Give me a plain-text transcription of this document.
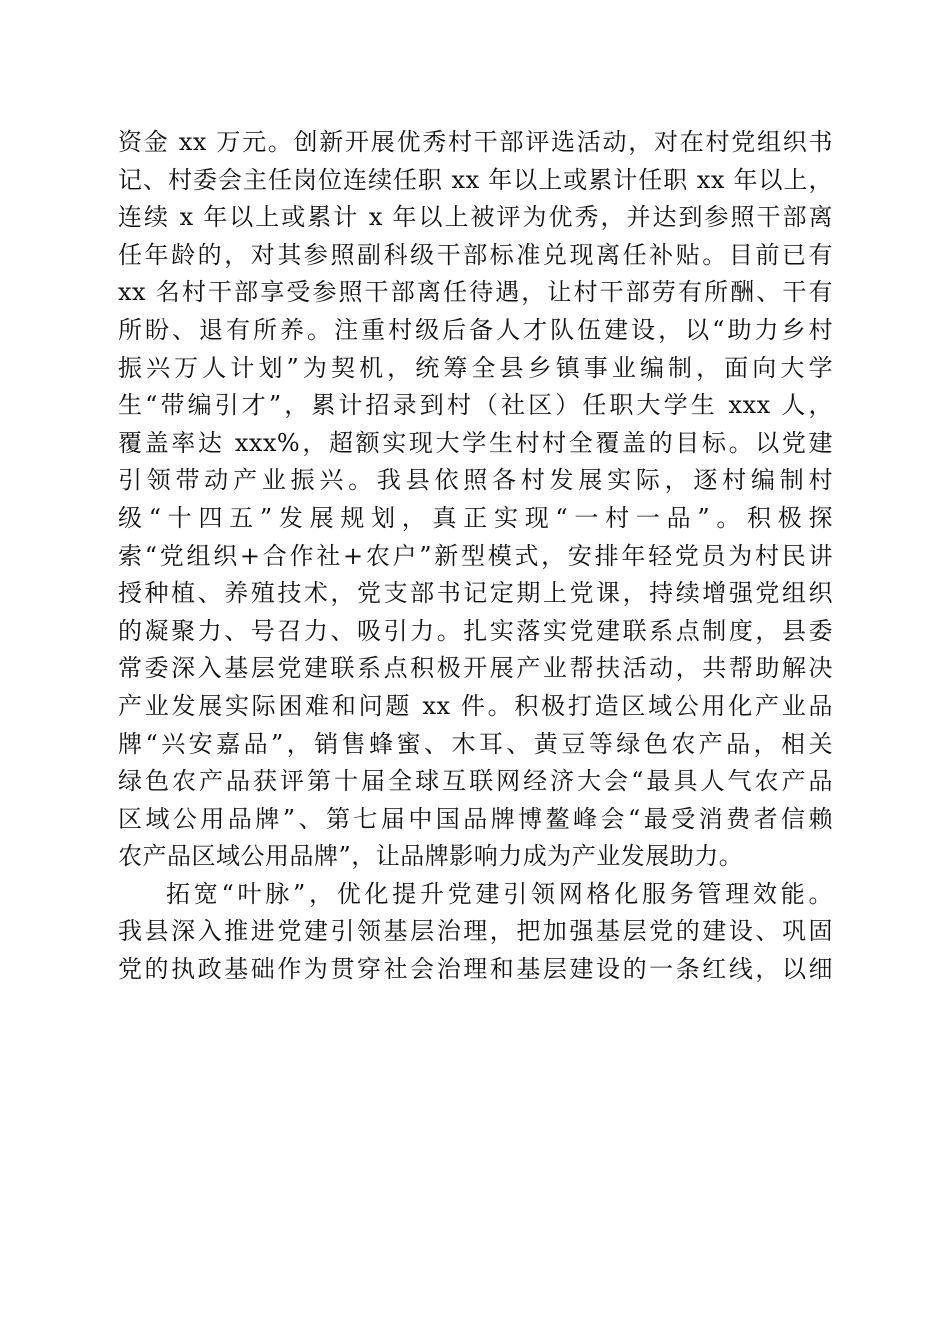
资金 xx 万元。创新开展优秀村干部评选活动，对在村党组织书
记、村委会主任岗位连续任职 xx 年以上或累计任职 xx 年以上，
连续 x 年以上或累计 x 年以上被评为优秀，并达到参照干部离
任年龄的，对其参照副科级干部标准兑现离任补贴。目前已有
xx 名村干部享受参照干部离任待遇，让村干部劳有所酬、干有
所盼、退有所养。注重村级后备人才队伍建设，以“助力乡村
振兴万人计划”为契机，统筹全县乡镇事业编制，面向大学
生“带编引才”，累计招录到村（社区）任职大学生 xxx 人，
覆盖率达 xxx%，超额实现大学生村村全覆盖的目标。以党建
引领带动产业振兴。我县依照各村发展实际，逐村编制村
级“十四五”发展规划，真正实现“一村一品”。积极探
索“党组织+合作社+农户”新型模式，安排年轻党员为村民讲
授种植、养殖技术，党支部书记定期上党课，持续增强党组织
的凝聚力、号召力、吸引力。扎实落实党建联系点制度，县委
常委深入基层党建联系点积极开展产业帮扶活动，共帮助解决
产业发展实际困难和问题 xx 件。积极打造区域公用化产业品
牌“兴安嘉品”，销售蜂蜜、木耳、黄豆等绿色农产品，相关
绿色农产品获评第十届全球互联网经济大会“最具人气农产品
区域公用品牌”、第七届中国品牌博鳌峰会“最受消费者信赖
农产品区域公用品牌”，让品牌影响力成为产业发展助力。
拓宽“叶脉”，优化提升党建引领网格化服务管理效能。
我县深入推进党建引领基层治理，把加强基层党的建设、巩固
党的执政基础作为贯穿社会治理和基层建设的一条红线，以细
